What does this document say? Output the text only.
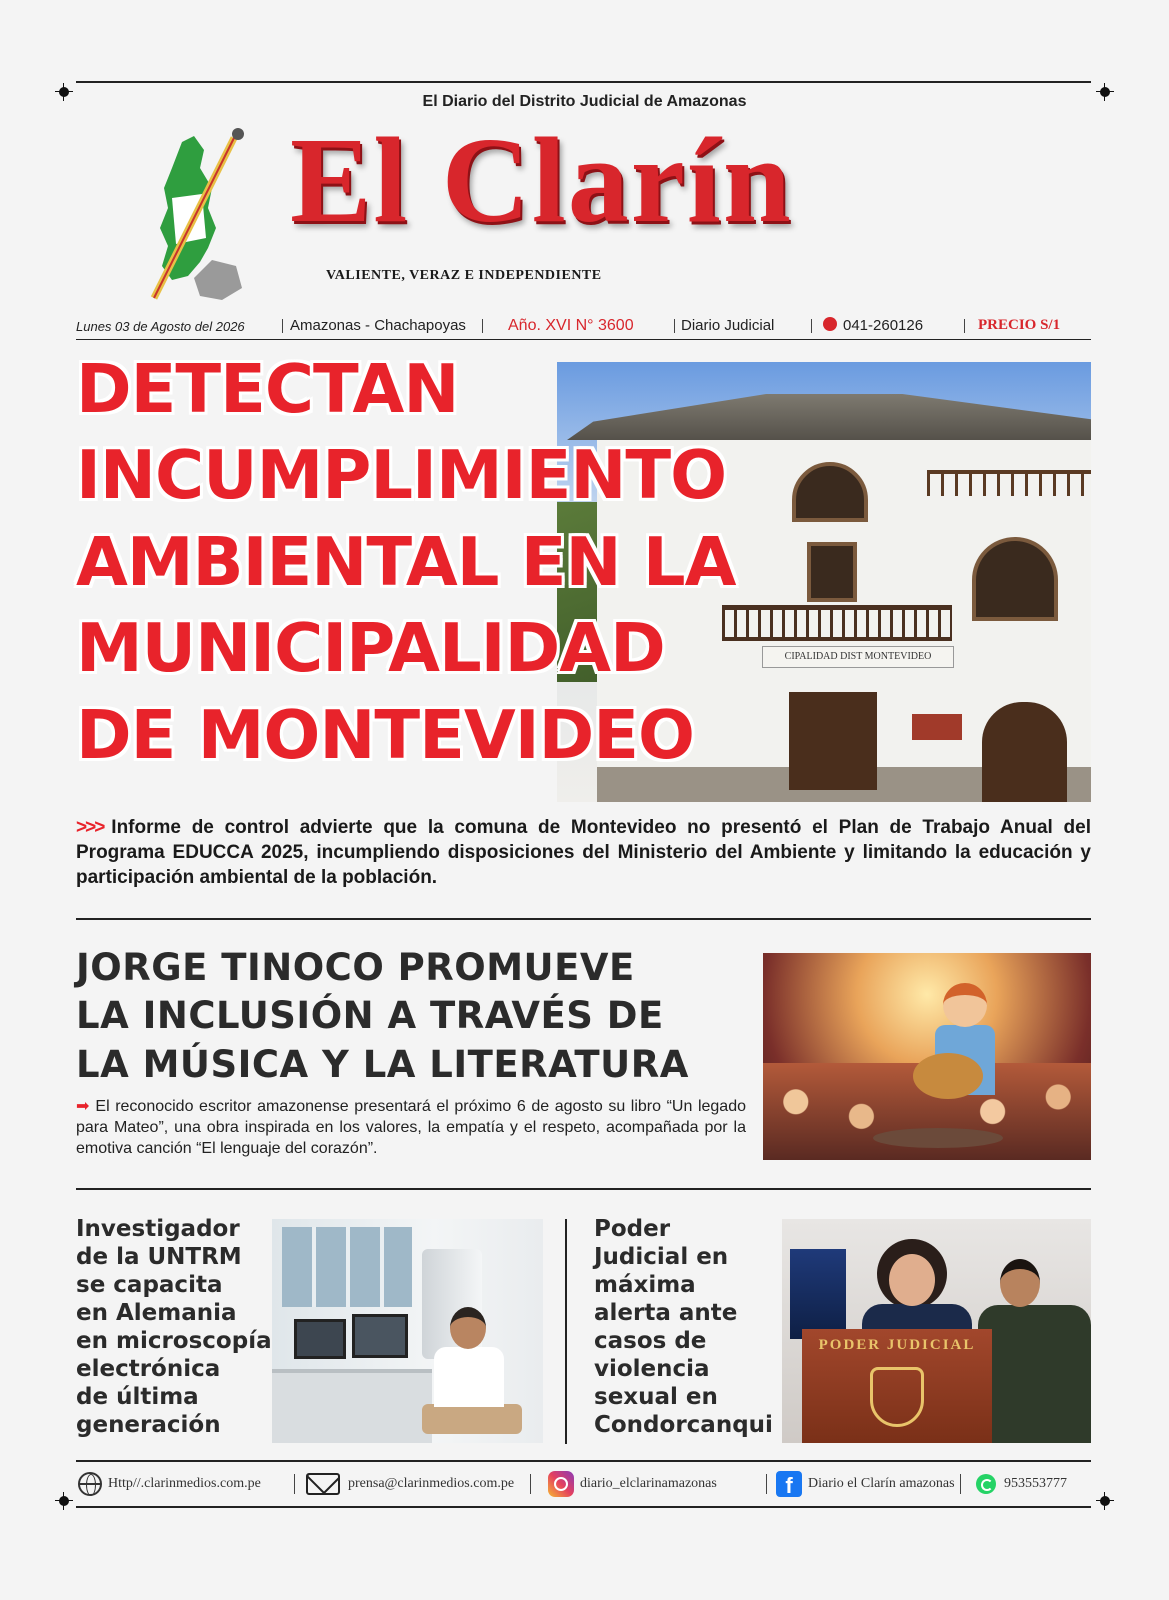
El Diario del Distrito Judicial de Amazonas
El Clarín
VALIENTE, VERAZ E INDEPENDIENTE
Lunes 03 de Agosto del 2026	Amazonas - Chachapoyas	Año. XVI N° 3600	Diario Judicial	041-260126	PRECIO S/1
CIPALIDAD DIST MONTEVIDEO
DETECTAN
INCUMPLIMIENTO
AMBIENTAL EN LA
MUNICIPALIDAD
DE MONTEVIDEO
>>> Informe de control advierte que la comuna de Montevideo no presentó el Plan de Trabajo Anual del Programa EDUCCA 2025, incumpliendo disposiciones del Ministerio del Ambiente y limitando la educación y participación ambiental de la población.
JORGE TINOCO PROMUEVE
LA INCLUSIÓN A TRAVÉS DE
LA MÚSICA Y LA LITERATURA
➡ El reconocido escritor amazonense presentará el próximo 6 de agosto su libro “Un legado para Mateo”, una obra inspirada en los valores, la empatía y el respeto, acompañada por la emotiva canción “El lenguaje del corazón”.
Investigador
de la UNTRM
se capacita
en Alemania
en microscopía
electrónica
de última
generación
Poder
Judicial en
máxima
alerta ante
casos de
violencia
sexual en
Condorcanqui
PODER JUDICIAL
Http//.clarinmedios.com.pe	prensa@clarinmedios.com.pe	diario_elclarinamazonas	f	Diario el Clarín amazonas	953553777
